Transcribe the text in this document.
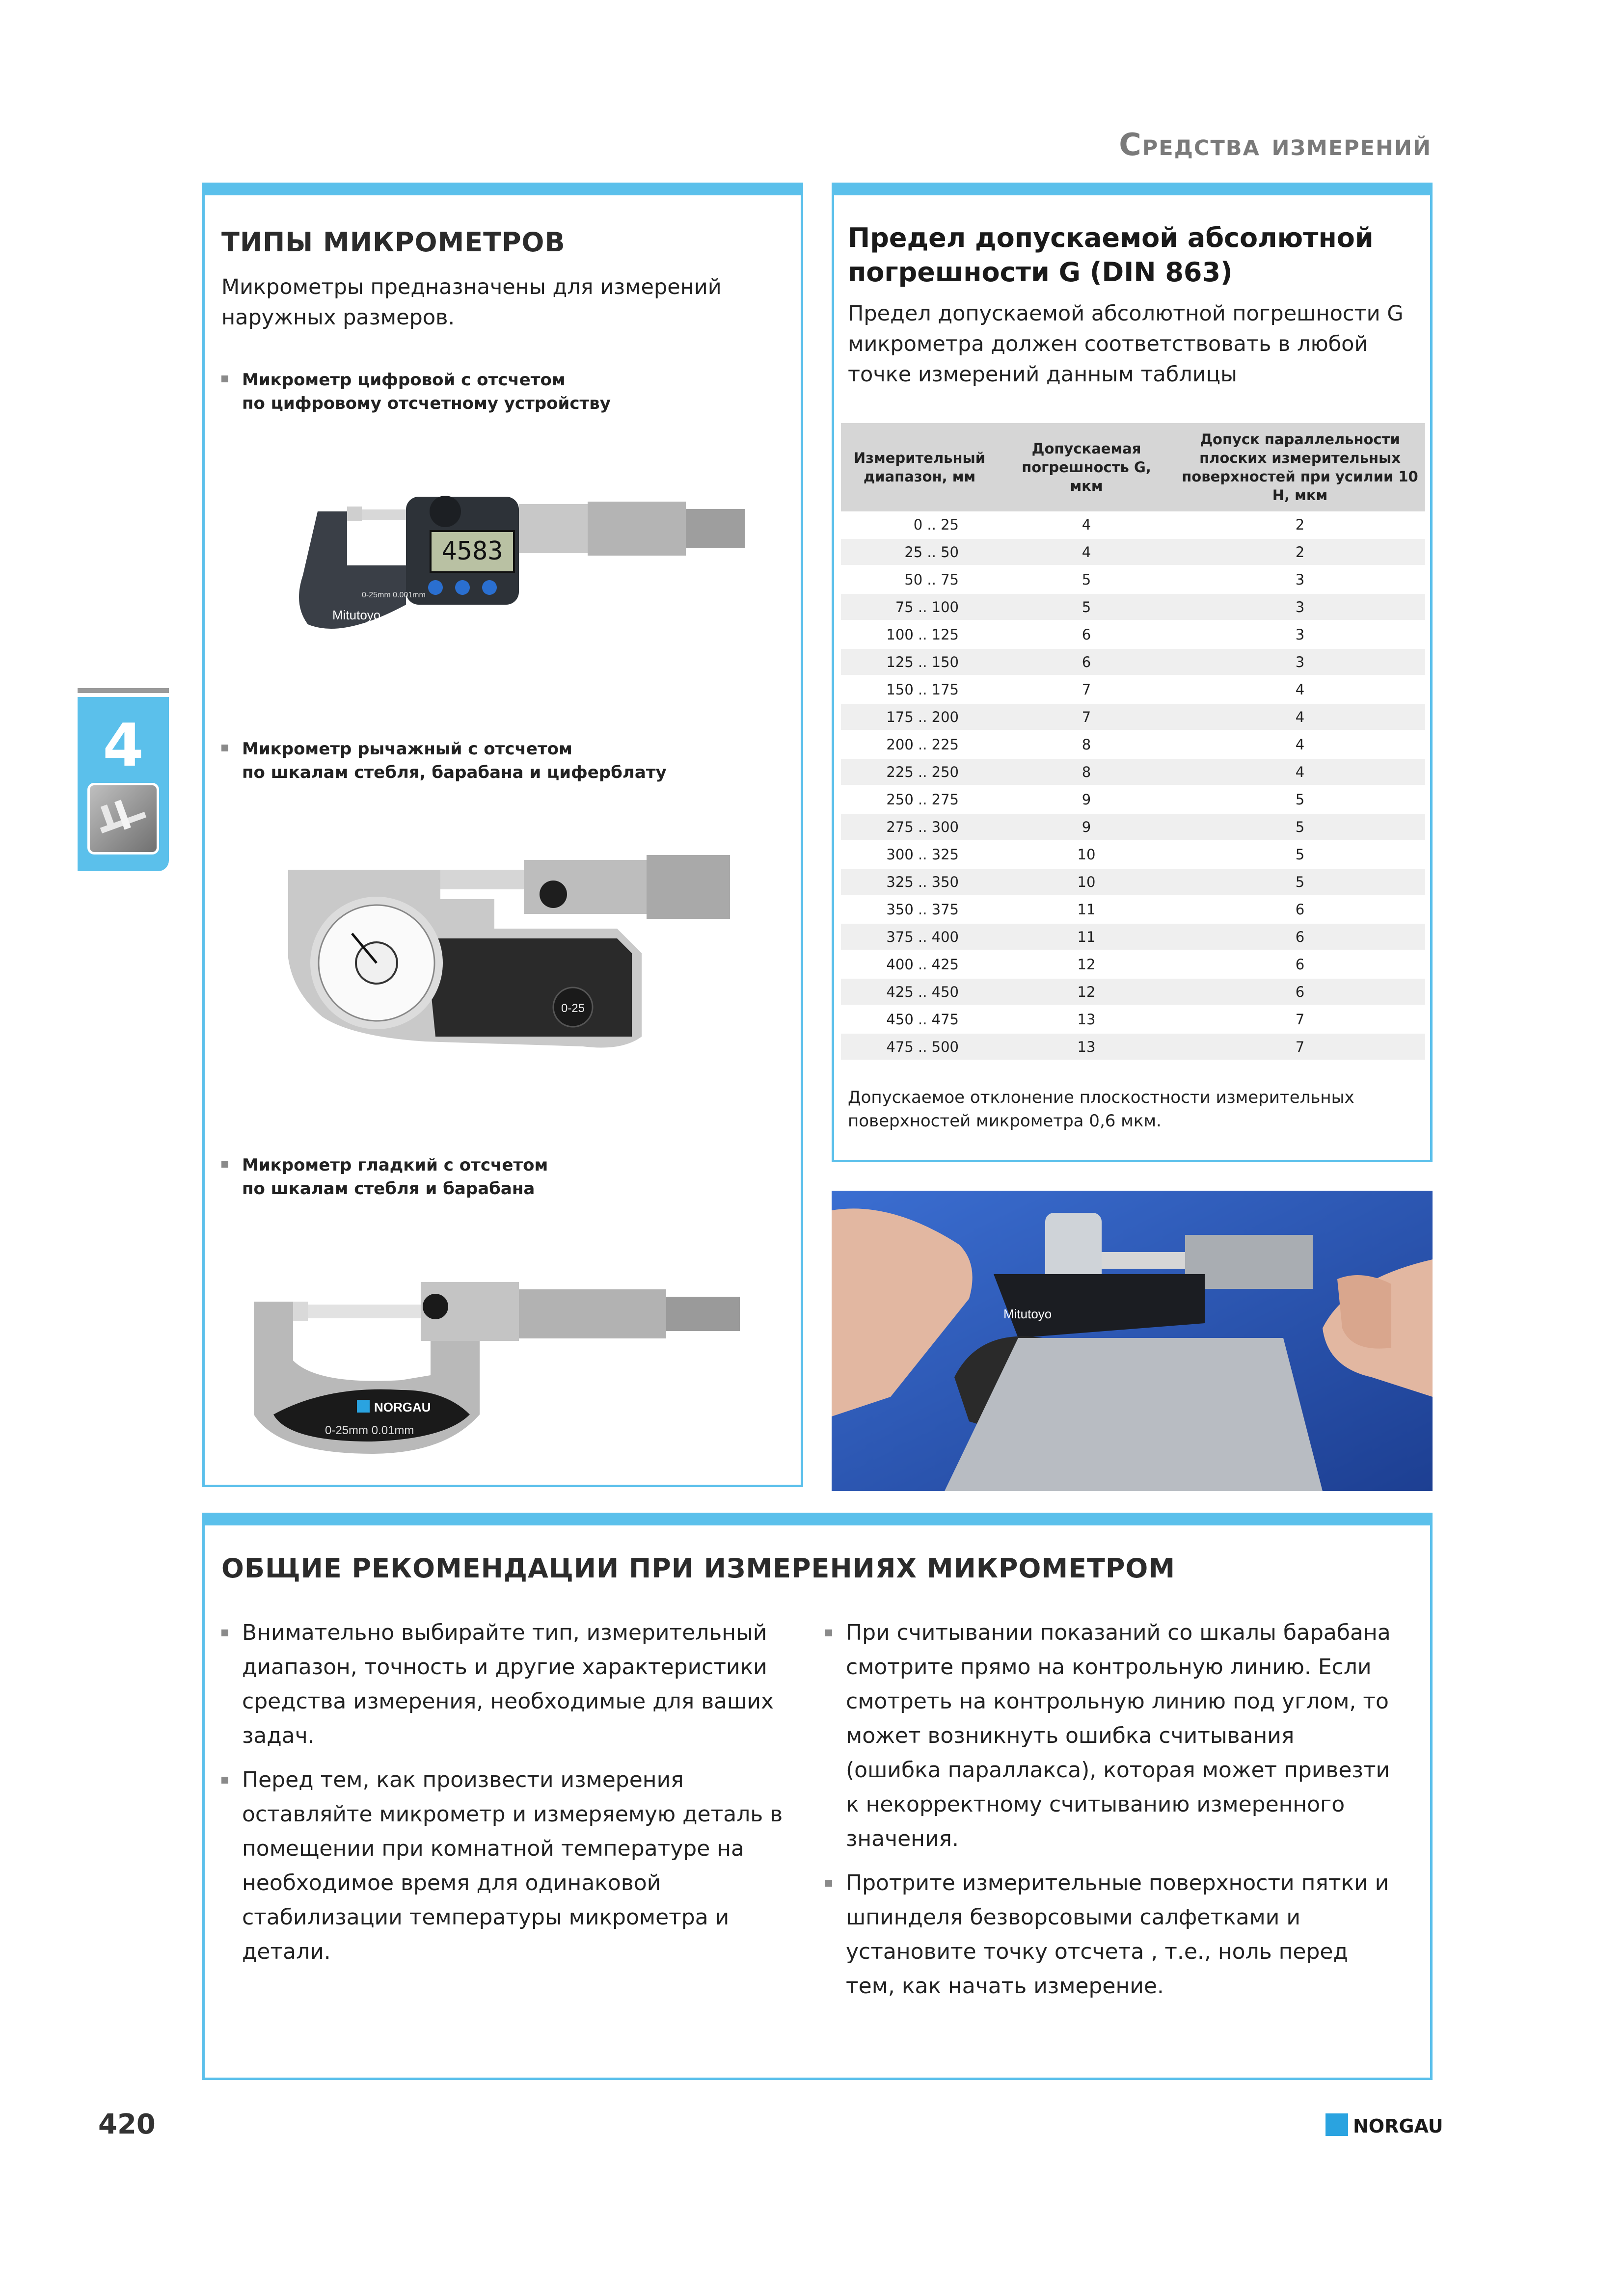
Средства измерений
4
ТИПЫ МИКРОМЕТРОВ
Микрометры предназначены для измерений наружных размеров.
Микрометр цифровой с отсчетом
по цифровому отсчетному устройству
4583
Mitutoyo
0-25mm 0.001mm
Микрометр рычажный с отсчетом
по шкалам стебля, барабана и циферблату
0-25
Микрометр гладкий с отсчетом
по шкалам стебля и барабана
NORGAU
0-25mm 0.01mm
Предел допускаемой абсолютной
погрешности G (DIN 863)
Предел допускаемой абсолютной погрешности G микрометра должен соответствовать в любой точке измерений данным таблицы
Измерительный диапазон, мм	Допускаемая погрешность G, мкм	Допуск параллельности плоских измерительных поверхностей при усилии 10 Н, мкм
0 .. 25	4	2
25 .. 50	4	2
50 .. 75	5	3
75 .. 100	5	3
100 .. 125	6	3
125 .. 150	6	3
150 .. 175	7	4
175 .. 200	7	4
200 .. 225	8	4
225 .. 250	8	4
250 .. 275	9	5
275 .. 300	9	5
300 .. 325	10	5
325 .. 350	10	5
350 .. 375	11	6
375 .. 400	11	6
400 .. 425	12	6
425 .. 450	12	6
450 .. 475	13	7
475 .. 500	13	7
Допускаемое отклонение плоскостности измерительных поверхностей микрометра 0,6 мкм.
Mitutoyo
ОБЩИЕ РЕКОМЕНДАЦИИ ПРИ ИЗМЕРЕНИЯХ МИКРОМЕТРОМ

Внимательно выбирайте тип, измерительный диапазон, точность и другие характеристики средства измерения, необходимые для ваших задач.

Перед тем, как произвести измерения оставляйте микрометр и измеряемую деталь в помещении при комнатной температуре на необходимое время для одинаковой стабилизации температуры микрометра и детали.

При считывании показаний со шкалы барабана смотрите прямо на контрольную линию. Если смотреть на контрольную линию под углом, то может возникнуть ошибка считывания (ошибка параллакса), которая может привезти к некорректному считыванию измеренного значения.

Протрите измерительные поверхности пятки и шпинделя безворсовыми салфетками и установите точку отсчета , т.е., ноль перед тем, как начать измерение.

420	NORGAU
